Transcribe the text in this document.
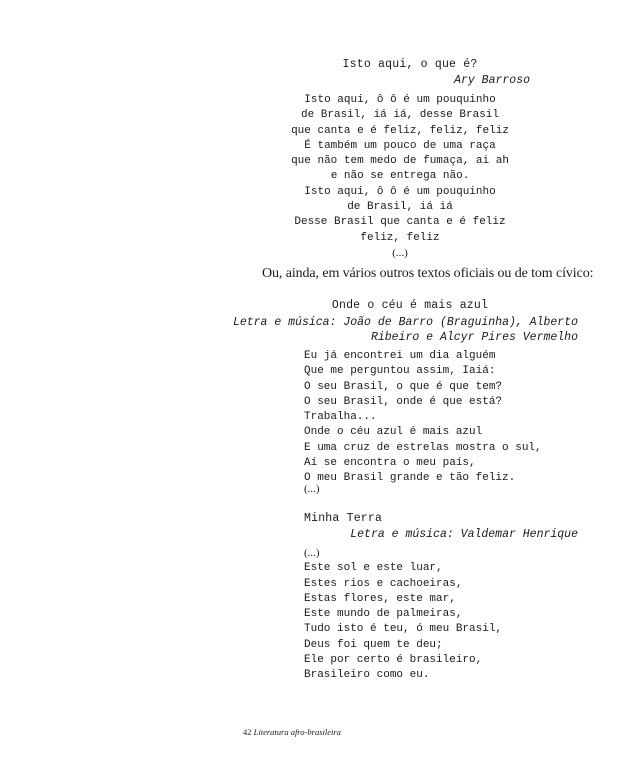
Isto aqui, o que é?
Ary Barroso
Isto aqui, ô ô é um pouquinho
de Brasil, iá iá, desse Brasil
que canta e é feliz, feliz, feliz
É também um pouco de uma raça
que não tem medo de fumaça, ai ah
e não se entrega não.
Isto aqui, ô ô é um pouquinho
de Brasil, iá iá
Desse Brasil que canta e é feliz
feliz, feliz
(...)
Ou, ainda, em vários outros textos oficiais ou de tom cívico:
Onde o céu é mais azul
Letra e música: João de Barro (Braguinha), Alberto
Ribeiro e Alcyr Pires Vermelho
Eu já encontrei um dia alguém
Que me perguntou assim, Iaiá:
O seu Brasil, o que é que tem?
O seu Brasil, onde é que está?
Trabalha...
Onde o céu azul é mais azul
E uma cruz de estrelas mostra o sul,
Aí se encontra o meu país,
O meu Brasil grande e tão feliz.
(...)
Minha Terra
Letra e música: Valdemar Henrique
(...)
Este sol e este luar,
Estes rios e cachoeiras,
Estas flores, este mar,
Este mundo de palmeiras,
Tudo isto é teu, ó meu Brasil,
Deus foi quem te deu;
Ele por certo é brasileiro,
Brasileiro como eu.
42 Literatura afro-brasileira
